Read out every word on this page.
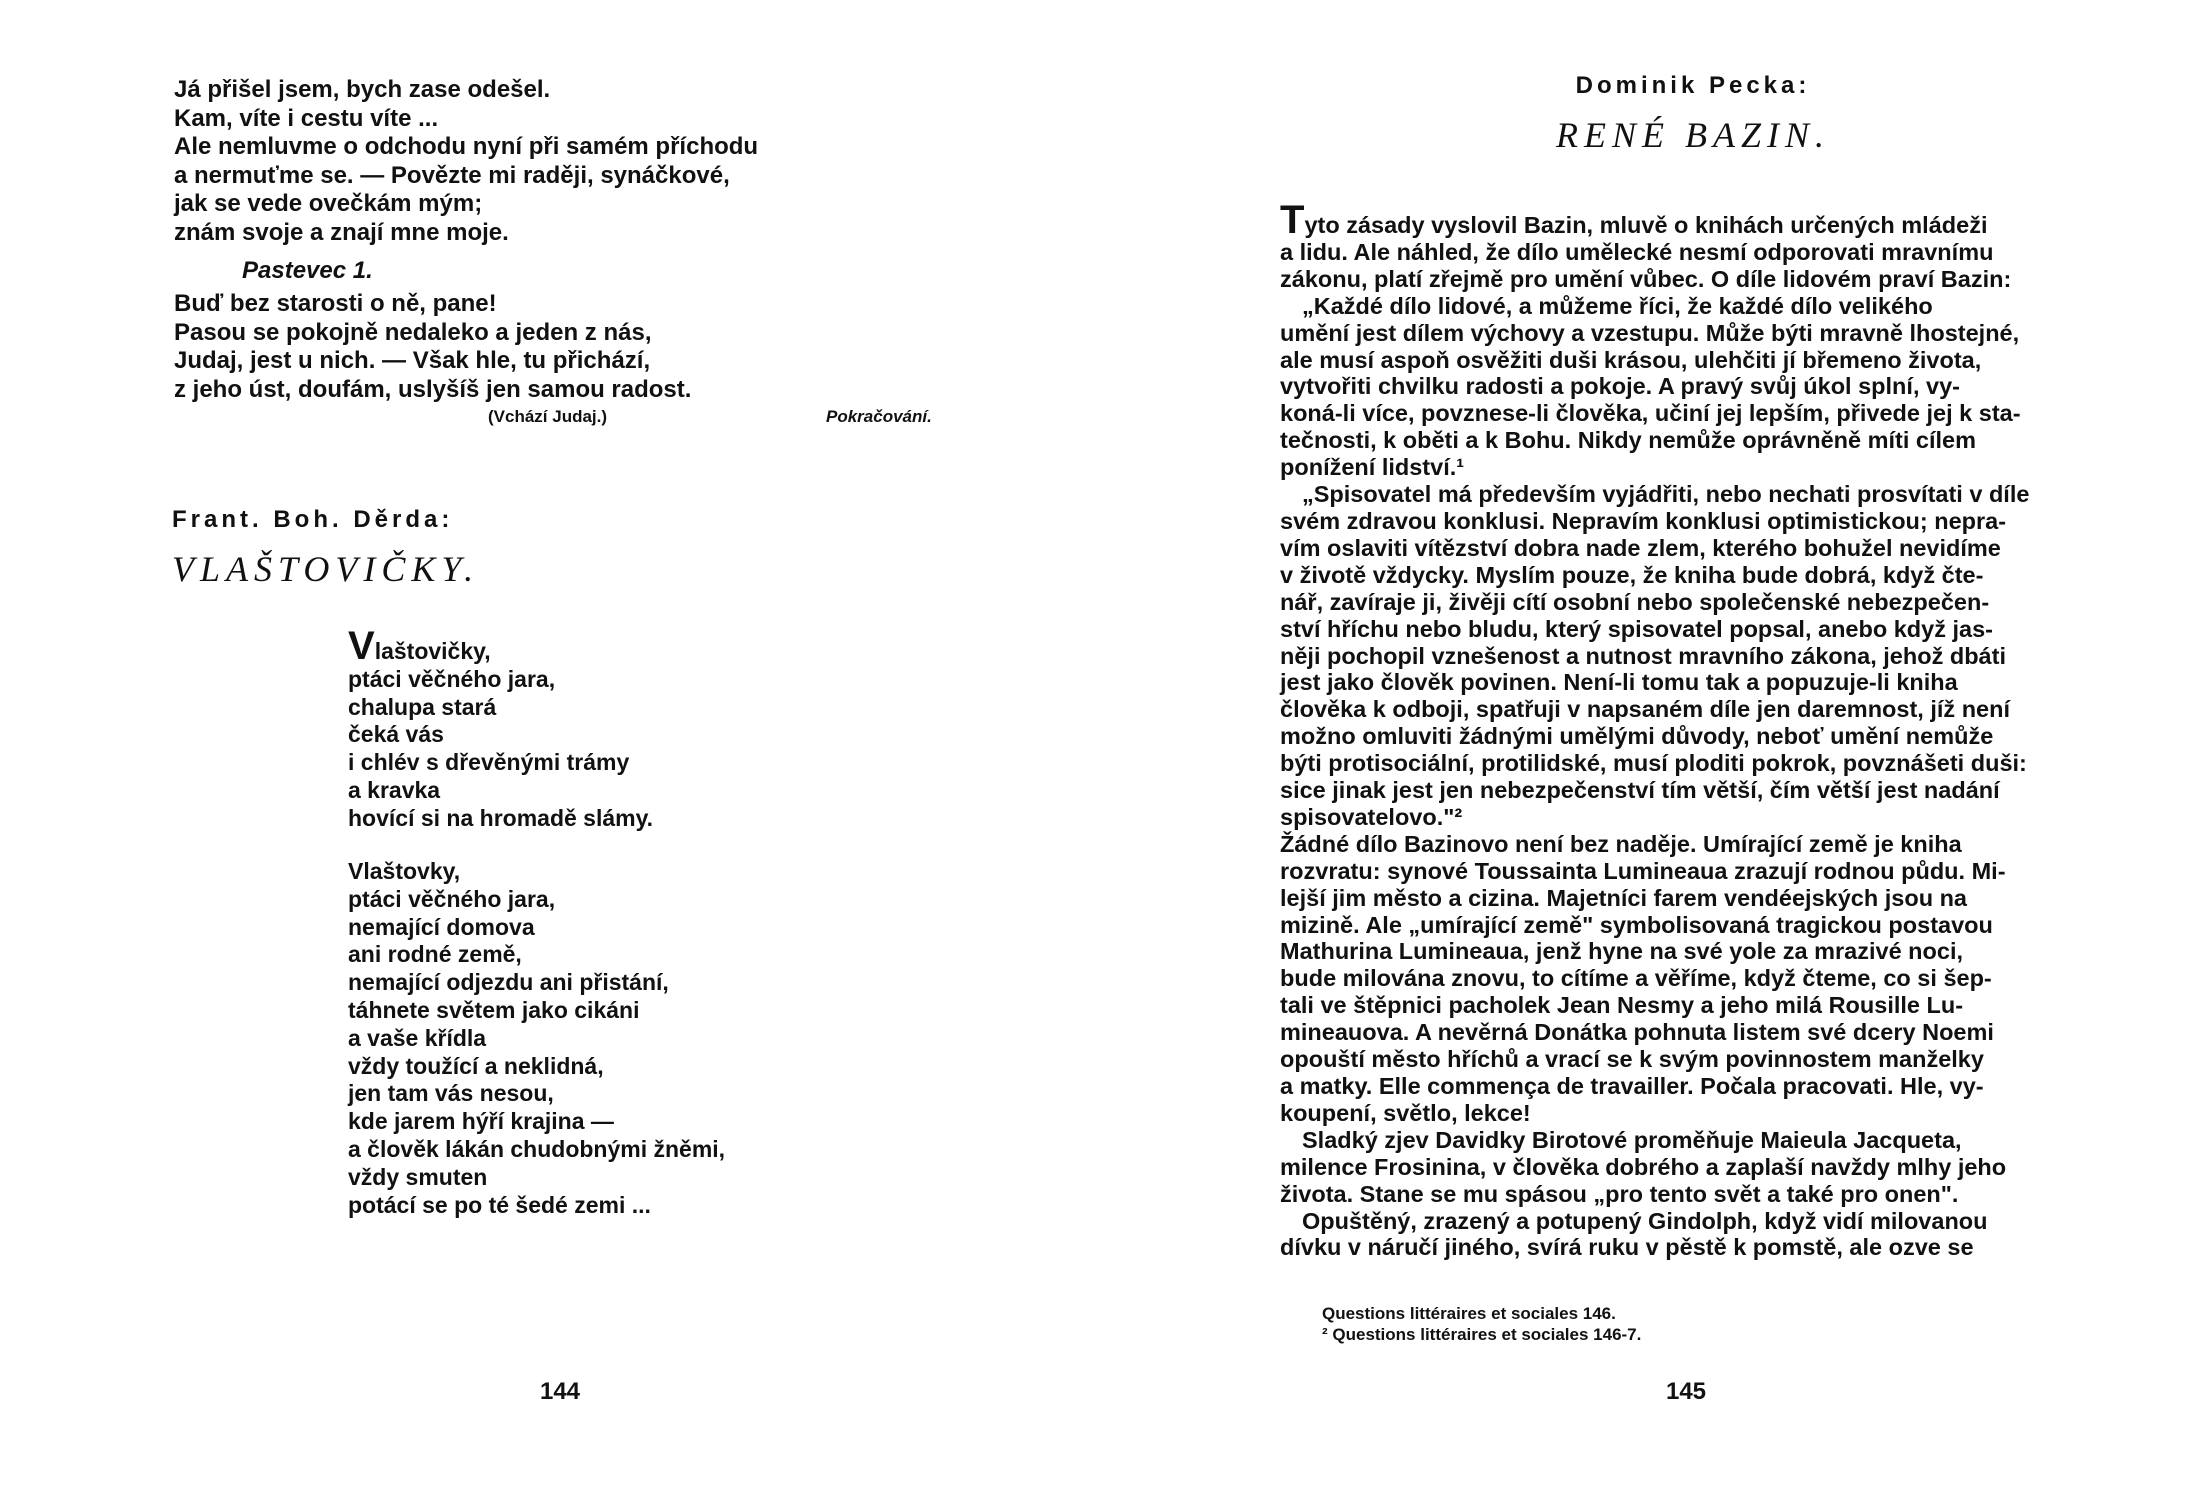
Já přišel jsem, bych zase odešel.
Kam, víte i cestu víte ...
Ale nemluvme o odchodu nyní při samém příchodu
a nermuťme se. — Povězte mi raději, synáčkové,
jak se vede ovečkám mým;
znám svoje a znají mne moje.
Pastevec 1.
Buď bez starosti o ně, pane!
Pasou se pokojně nedaleko a jeden z nás,
Judaj, jest u nich. — Však hle, tu přichází,
z jeho úst, doufám, uslyšíš jen samou radost.
(Vchází Judaj.)	Pokračování.
Frant. Boh. Děrda:
VLAŠTOVIČKY.
Vlaštovičky,
ptáci věčného jara,
chalupa stará
čeká vás
i chlév s dřevěnými trámy
a kravka
hovící si na hromadě slámy.
Vlaštovky,
ptáci věčného jara,
nemající domova
ani rodné země,
nemající odjezdu ani přistání,
táhnete světem jako cikáni
a vaše křídla
vždy toužící a neklidná,
jen tam vás nesou,
kde jarem hýří krajina —
a člověk lákán chudobnými žněmi,
vždy smuten
potácí se po té šedé zemi ...
144
Dominik Pecka:
RENÉ BAZIN.
Tyto zásady vyslovil Bazin, mluvě o knihách určených mládeži
a lidu. Ale náhled, že dílo umělecké nesmí odporovati mravnímu
zákonu, platí zřejmě pro umění vůbec. O díle lidovém praví Bazin:
„Každé dílo lidové, a můžeme říci, že každé dílo velikého
umění jest dílem výchovy a vzestupu. Může býti mravně lhostejné,
ale musí aspoň osvěžiti duši krásou, ulehčiti jí břemeno života,
vytvořiti chvilku radosti a pokoje. A pravý svůj úkol splní, vy-
koná-li více, povznese-li člověka, učiní jej lepším, přivede jej k sta-
tečnosti, k oběti a k Bohu. Nikdy nemůže oprávněně míti cílem
ponížení lidství.¹
„Spisovatel má především vyjádřiti, nebo nechati prosvítati v díle
svém zdravou konklusi. Nepravím konklusi optimistickou; nepra-
vím oslaviti vítězství dobra nade zlem, kterého bohužel nevidíme
v životě vždycky. Myslím pouze, že kniha bude dobrá, když čte-
nář, zavíraje ji, živěji cítí osobní nebo společenské nebezpečen-
ství hříchu nebo bludu, který spisovatel popsal, anebo když jas-
něji pochopil vznešenost a nutnost mravního zákona, jehož dbáti
jest jako člověk povinen. Není-li tomu tak a popuzuje-li kniha
člověka k odboji, spatřuji v napsaném díle jen daremnost, jíž není
možno omluviti žádnými umělými důvody, neboť umění nemůže
býti protisociální, protilidské, musí ploditi pokrok, povznášeti duši:
sice jinak jest jen nebezpečenství tím větší, čím větší jest nadání
spisovatelovo."²
Žádné dílo Bazinovo není bez naděje. Umírající země je kniha
rozvratu: synové Toussainta Lumineaua zrazují rodnou půdu. Mi-
lejší jim město a cizina. Majetníci farem vendéejských jsou na
mizině. Ale „umírající země" symbolisovaná tragickou postavou
Mathurina Lumineaua, jenž hyne na své yole za mrazivé noci,
bude milována znovu, to cítíme a věříme, když čteme, co si šep-
tali ve štěpnici pacholek Jean Nesmy a jeho milá Rousille Lu-
mineauova. A nevěrná Donátka pohnuta listem své dcery Noemi
opouští město hříchů a vrací se k svým povinnostem manželky
a matky. Elle commença de travailler. Počala pracovati. Hle, vy-
koupení, světlo, lekce!
Sladký zjev Davidky Birotové proměňuje Maieula Jacqueta,
milence Frosinina, v člověka dobrého a zaplaší navždy mlhy jeho
života. Stane se mu spásou „pro tento svět a také pro onen".
Opuštěný, zrazený a potupený Gindolph, když vidí milovanou
dívku v náručí jiného, svírá ruku v pěstě k pomstě, ale ozve se
Questions littéraires et sociales 146.
² Questions littéraires et sociales 146-7.
145
